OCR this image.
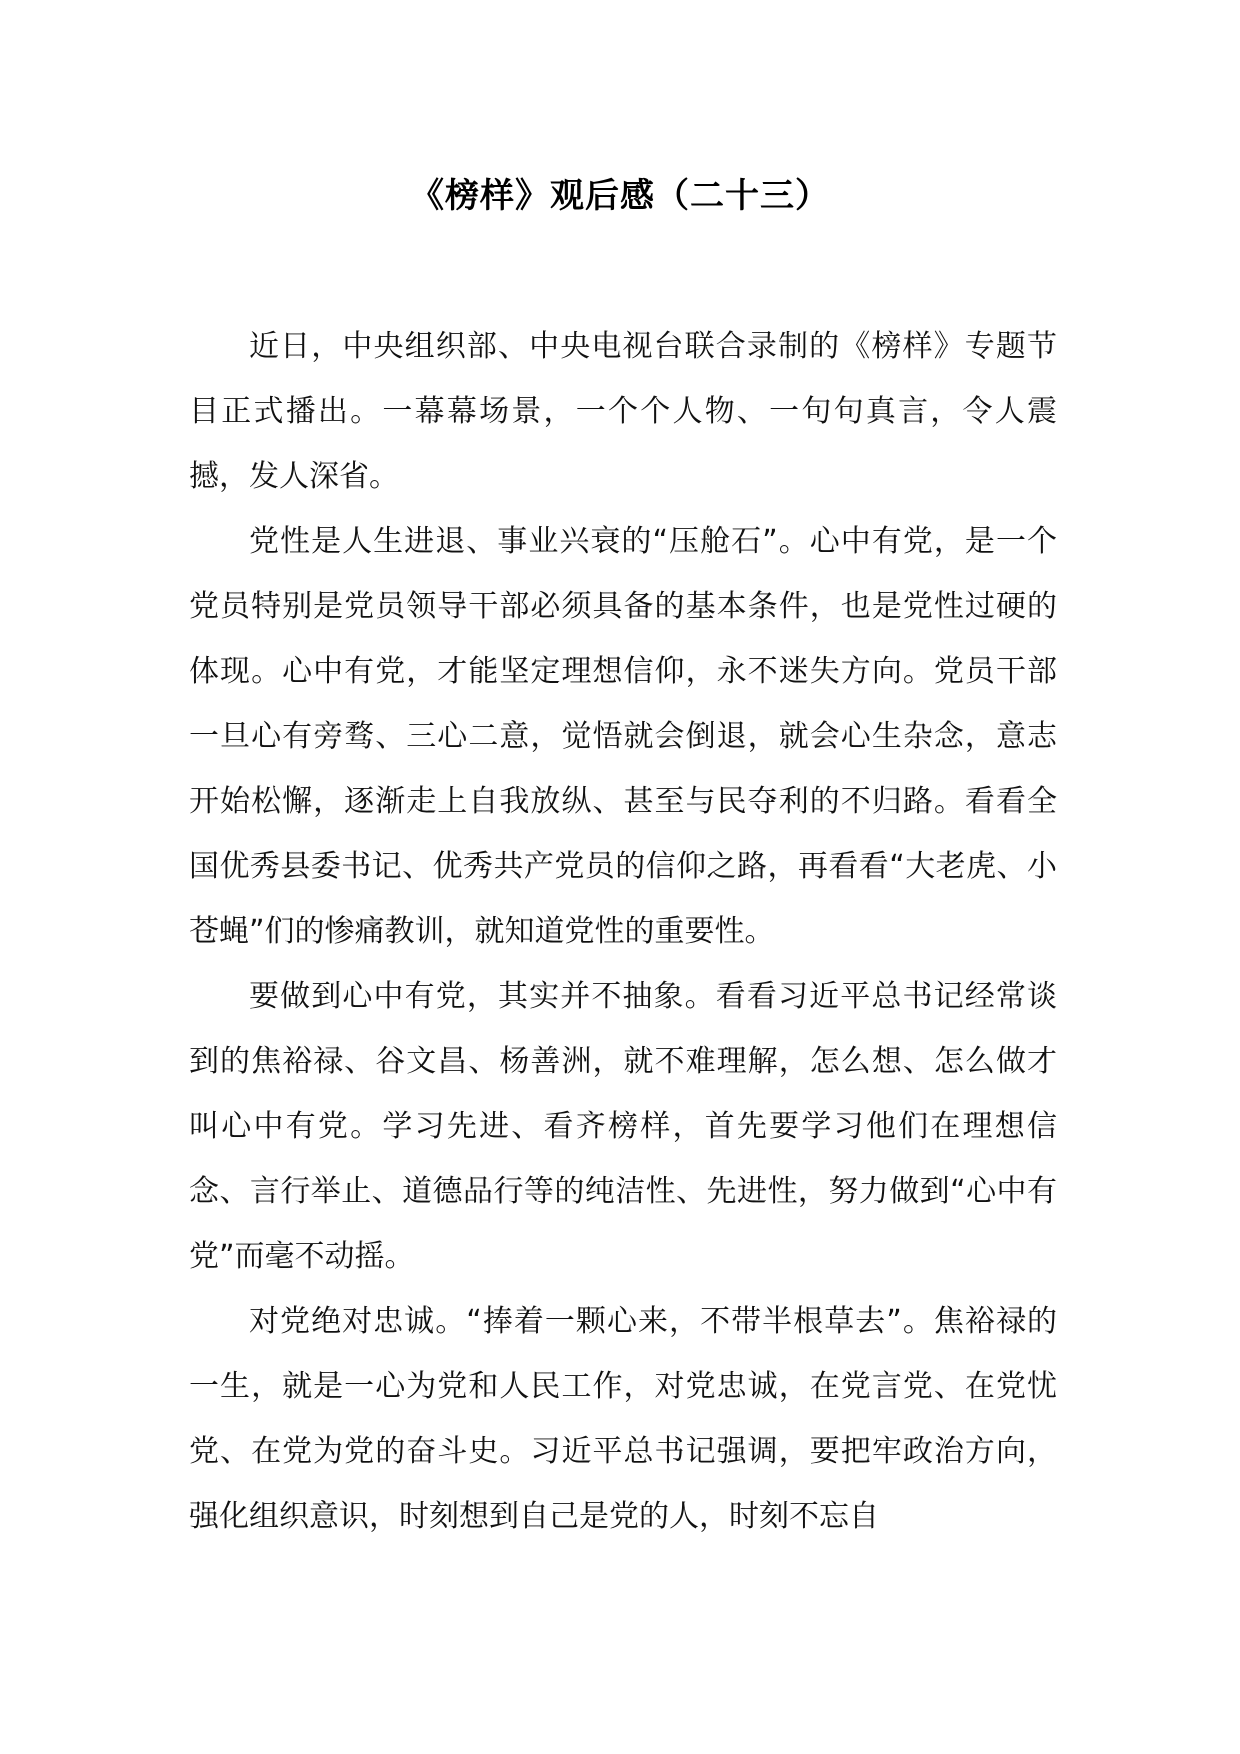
《榜样》观后感（二十三）

近日，中央组织部、中央电视台联合录制的《榜样》专题节目正式播出。一幕幕场景，一个个人物、一句句真言，令人震撼，发人深省。

党性是人生进退、事业兴衰的“压舱石”。心中有党，是一个党员特别是党员领导干部必须具备的基本条件，也是党性过硬的体现。心中有党，才能坚定理想信仰，永不迷失方向。党员干部一旦心有旁骛、三心二意，觉悟就会倒退，就会心生杂念，意志开始松懈，逐渐走上自我放纵、甚至与民夺利的不归路。看看全国优秀县委书记、优秀共产党员的信仰之路，再看看“大老虎、小苍蝇”们的惨痛教训，就知道党性的重要性。

要做到心中有党，其实并不抽象。看看习近平总书记经常谈到的焦裕禄、谷文昌、杨善洲，就不难理解，怎么想、怎么做才叫心中有党。学习先进、看齐榜样，首先要学习他们在理想信念、言行举止、道德品行等的纯洁性、先进性，努力做到“心中有党”而毫不动摇。

对党绝对忠诚。“捧着一颗心来，不带半根草去”。焦裕禄的一生，就是一心为党和人民工作，对党忠诚，在党言党、在党忧党、在党为党的奋斗史。习近平总书记强调，要把牢政治方向，强化组织意识，时刻想到自己是党的人，时刻不忘自
